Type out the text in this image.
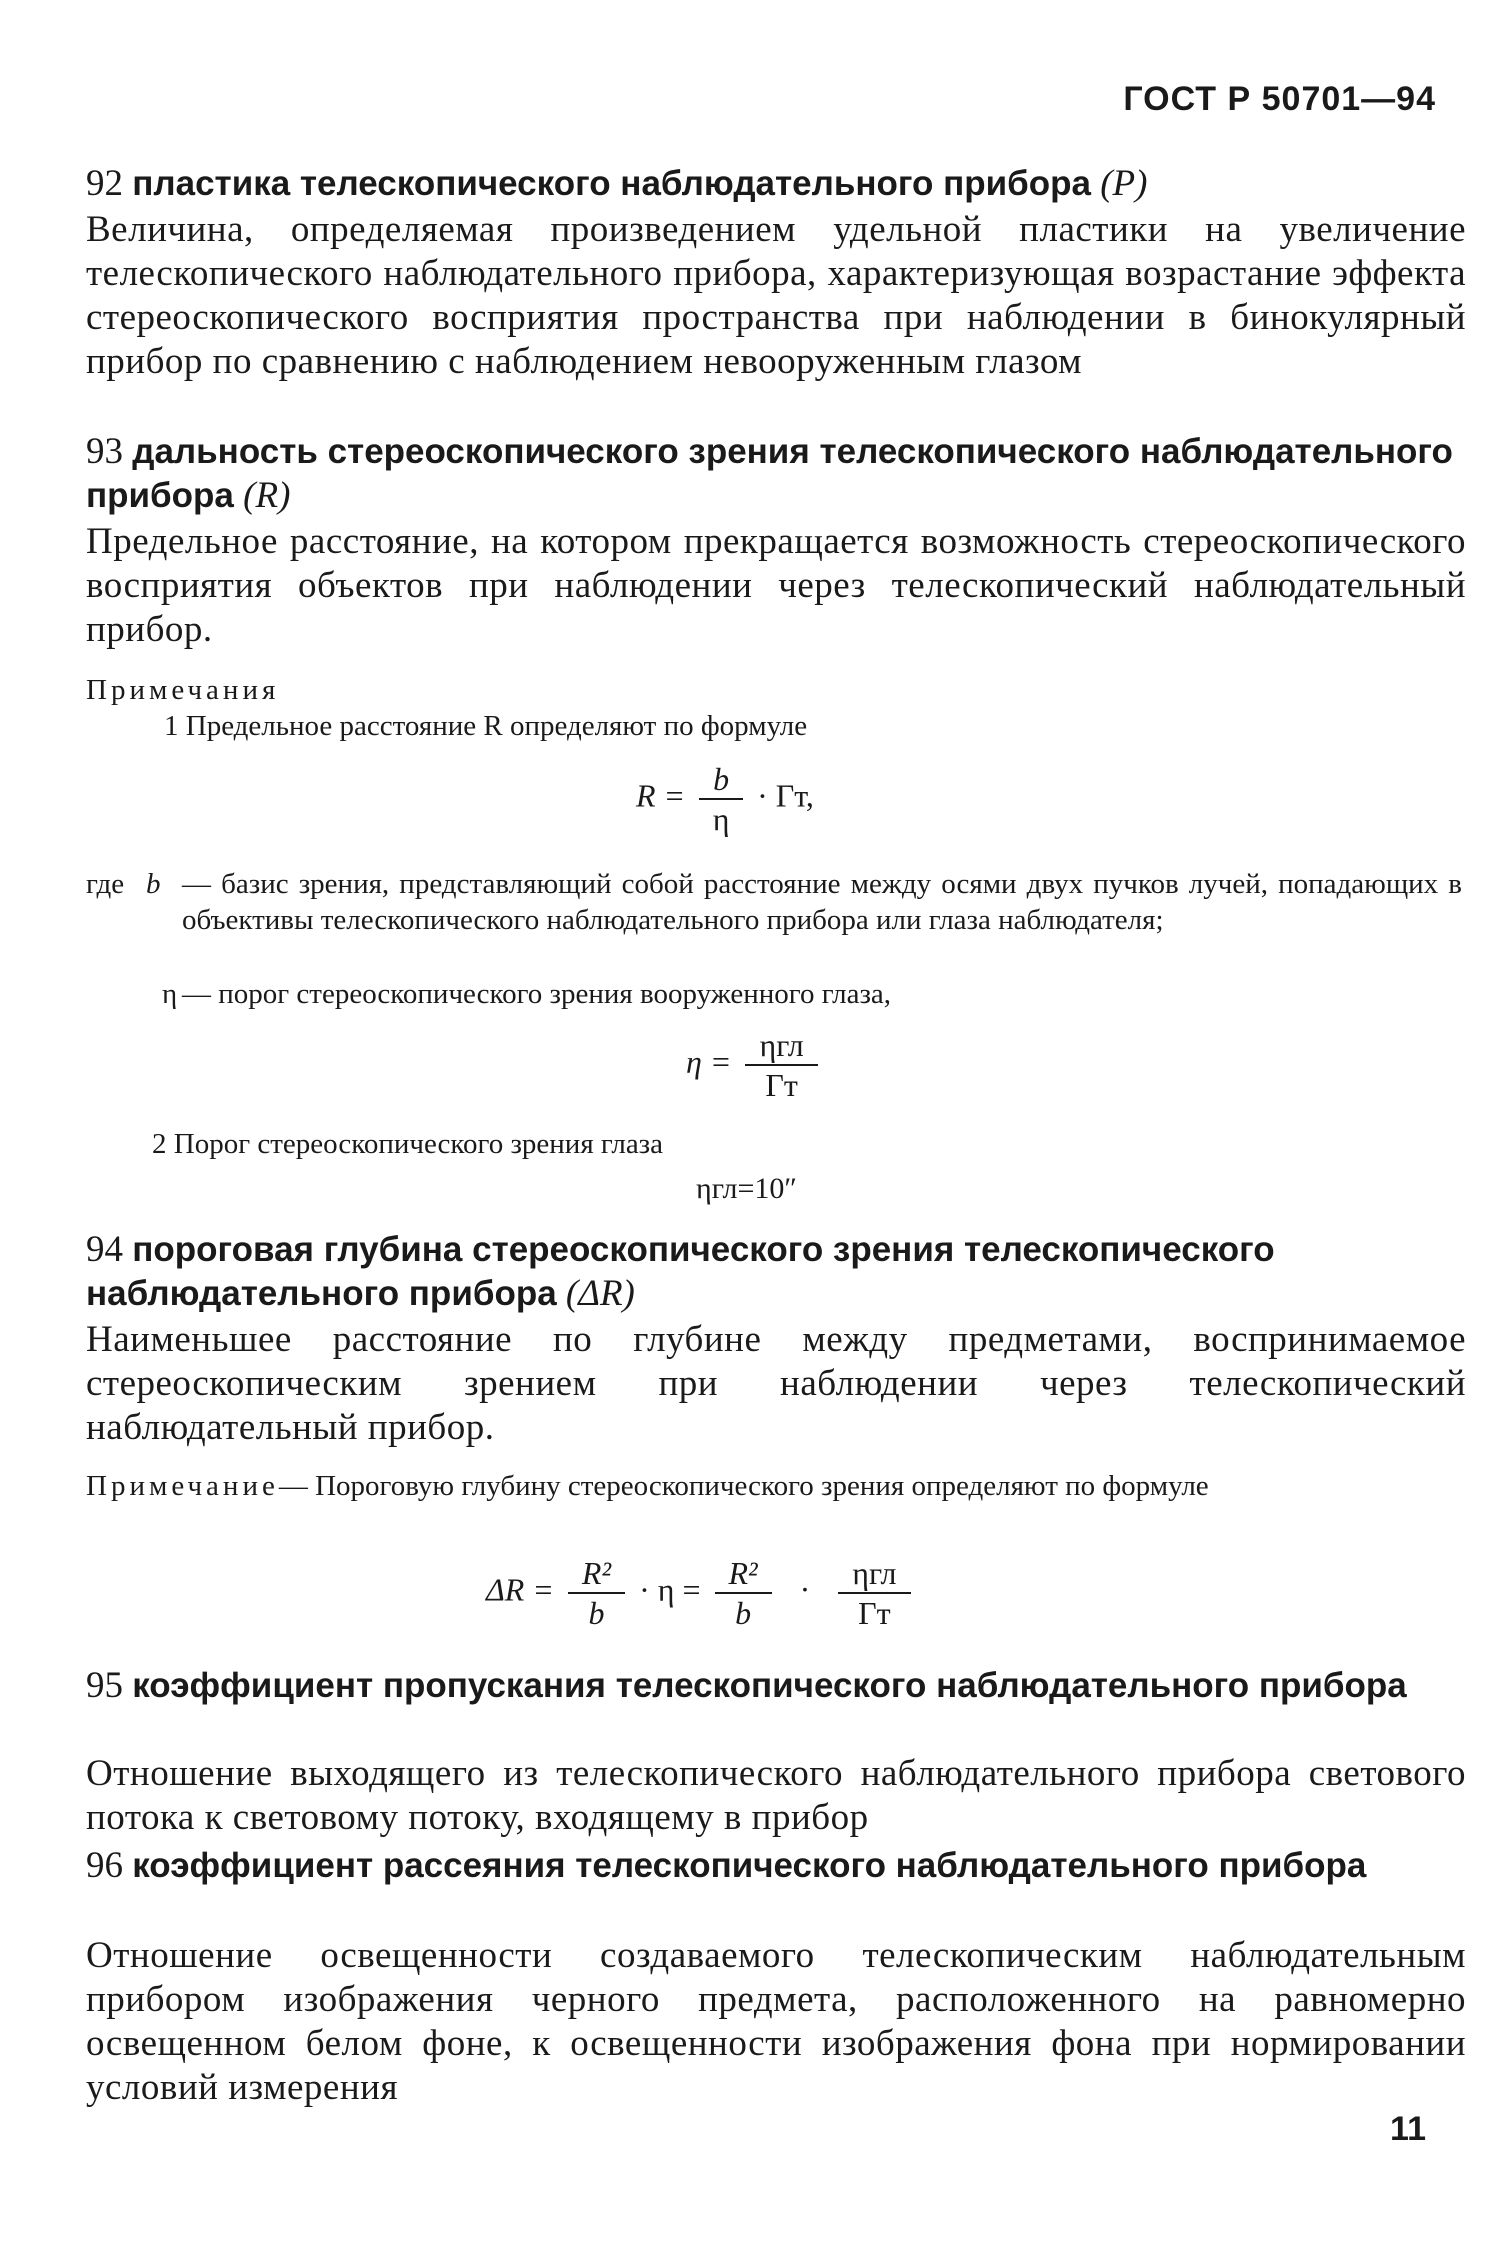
ГОСТ Р 50701—94

92 пластика телескопического наблюдательного прибора (P)

Величина, определяемая произведением удельной пластики на увеличение телескопического наблюдательного прибора, характеризующая возрастание эффекта стереоскопического восприятия пространства при наблюдении в бинокулярный прибор по сравнению с наблюдением невооруженным глазом

93 дальность стереоскопического зрения телескопического наблюдательного прибора (R)

Предельное расстояние, на котором прекращается возможность стереоскопического восприятия объектов при наблюдении через телескопический наблюдательный прибор.

Примечания

1 Предельное расстояние R определяют по формуле

$R = \frac{b}{\eta}$ · Гт,

где b — базис зрения, представляющий собой расстояние между осями двух пучков лучей, попадающих в объективы телескопического наблюдательного прибора или глаза наблюдателя;

η — порог стереоскопического зрения вооруженного глаза,

$\eta = \frac{\text{ηгл}}{Гт}$

2 Порог стереоскопического зрения глаза

ηгл=10″

94 пороговая глубина стереоскопического зрения телескопического наблюдательного прибора (ΔR)

Наименьшее расстояние по глубине между предметами, воспринимаемое стереоскопическим зрением при наблюдении через телескопический наблюдательный прибор.

Примечание— Пороговую глубину стереоскопического зрения определяют по формуле

$\Delta R = \frac{\text{R²}}{b} \cdot \eta = \frac{\text{R²}}{b} \cdot \frac{\text{ηгл}}{Гт}$

95 коэффициент пропускания телескопического наблюдательного прибора

Отношение выходящего из телескопического наблюдательного прибора светового потока к световому потоку, входящему в прибор

96 коэффициент рассеяния телескопического наблюдательного прибора

Отношение освещенности создаваемого телескопическим наблюдательным прибором изображения черного предмета, расположенного на равномерно освещенном белом фоне, к освещенности изображения фона при нормировании условий измерения

11
